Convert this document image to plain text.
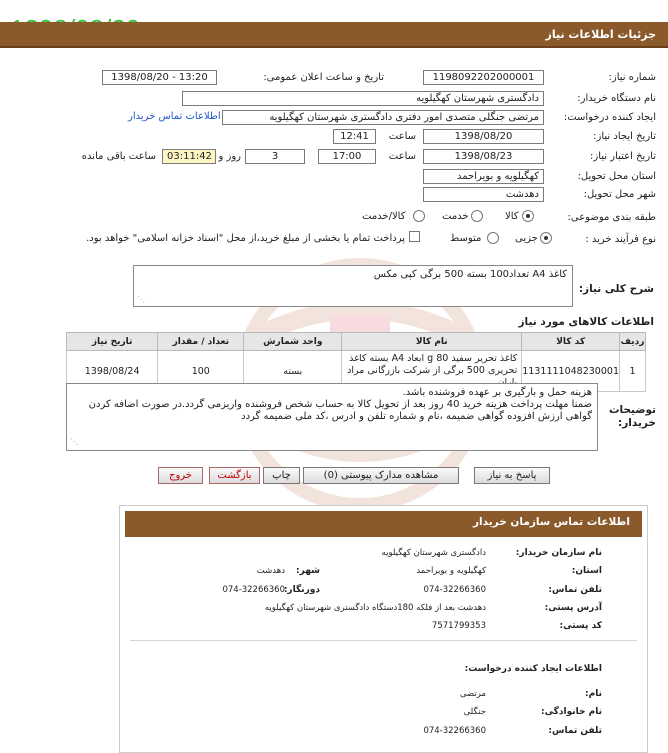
جزئیات اطلاعات نیاز
شماره نیاز:
1198092202000001
تاریخ و ساعت اعلان عمومی:
1398/08/20 - 13:20
نام دستگاه خریدار:
دادگستری شهرستان کهگیلویه
ایجاد کننده درخواست:
مرتضی جنگلی متصدی امور دفتری دادگستری شهرستان کهگیلویه
اطلاعات تماس خریدار
تاریخ ایجاد نیاز:
1398/08/20
ساعت
12:41
تاریخ اعتبار نیاز:
1398/08/23
ساعت
17:00
3
روز و
03:11:42
ساعت باقی مانده
استان محل تحویل:
کهگیلویه و بویراحمد
شهر محل تحویل:
دهدشت
طبقه بندی موضوعی:
کالا
خدمت
کالا/خدمت
نوع فرآیند خرید :
جزیی
متوسط
پرداخت تمام یا بخشی از مبلغ خرید،از محل "اسناد خزانه اسلامی" خواهد بود.
شرح کلی نیاز:
کاغذ A4 تعداد100 بسته 500 برگی کپی مکس
⋰
اطلاعات کالاهای مورد نیاز
ردیف	کد کالا	نام کالا	واحد شمارش	تعداد / مقدار	تاریخ نیاز
1	1131111048230001	کاغذ تحریر سفید 80 g ابعاد A4 بسته کاغذ تحریری 500 برگی از شرکت بازرگانی مراد	بسته	100	1398/08/24
توضیحات خریدار:
هزینه حمل و بارگیری بر عهده فروشنده باشد.
ضمنا مهلت پرداخت هزینه خرید 40 روز بعد از تحویل کالا به حساب شخص فروشنده واریزمی گردد.در صورت اضافه کردن گواهی ارزش افزوده گواهی ضمیمه ،نام و شماره تلفن و ادرس ،کد ملی ضمیمه گردد
⋰
پاسخ به نیاز
مشاهده مدارک پیوستی (0)
چاپ
بازگشت
خروج
اطلاعات تماس سازمان خریدار
نام سازمان خریدار:
دادگستری شهرستان کهگیلویه
استان:
کهگیلویه و بویراحمد
شهر:
دهدشت
تلفن تماس:
074-32266360
دورنگار:
074-32266360
آدرس پستی:
دهدشت بعد از فلکه 180دستگاه دادگستری شهرستان کهگیلویه
کد پستی:
7571799353
اطلاعات ایجاد کننده درخواست:
نام:
مرتضی
نام خانوادگی:
جنگلی
تلفن تماس:
074-32266360
